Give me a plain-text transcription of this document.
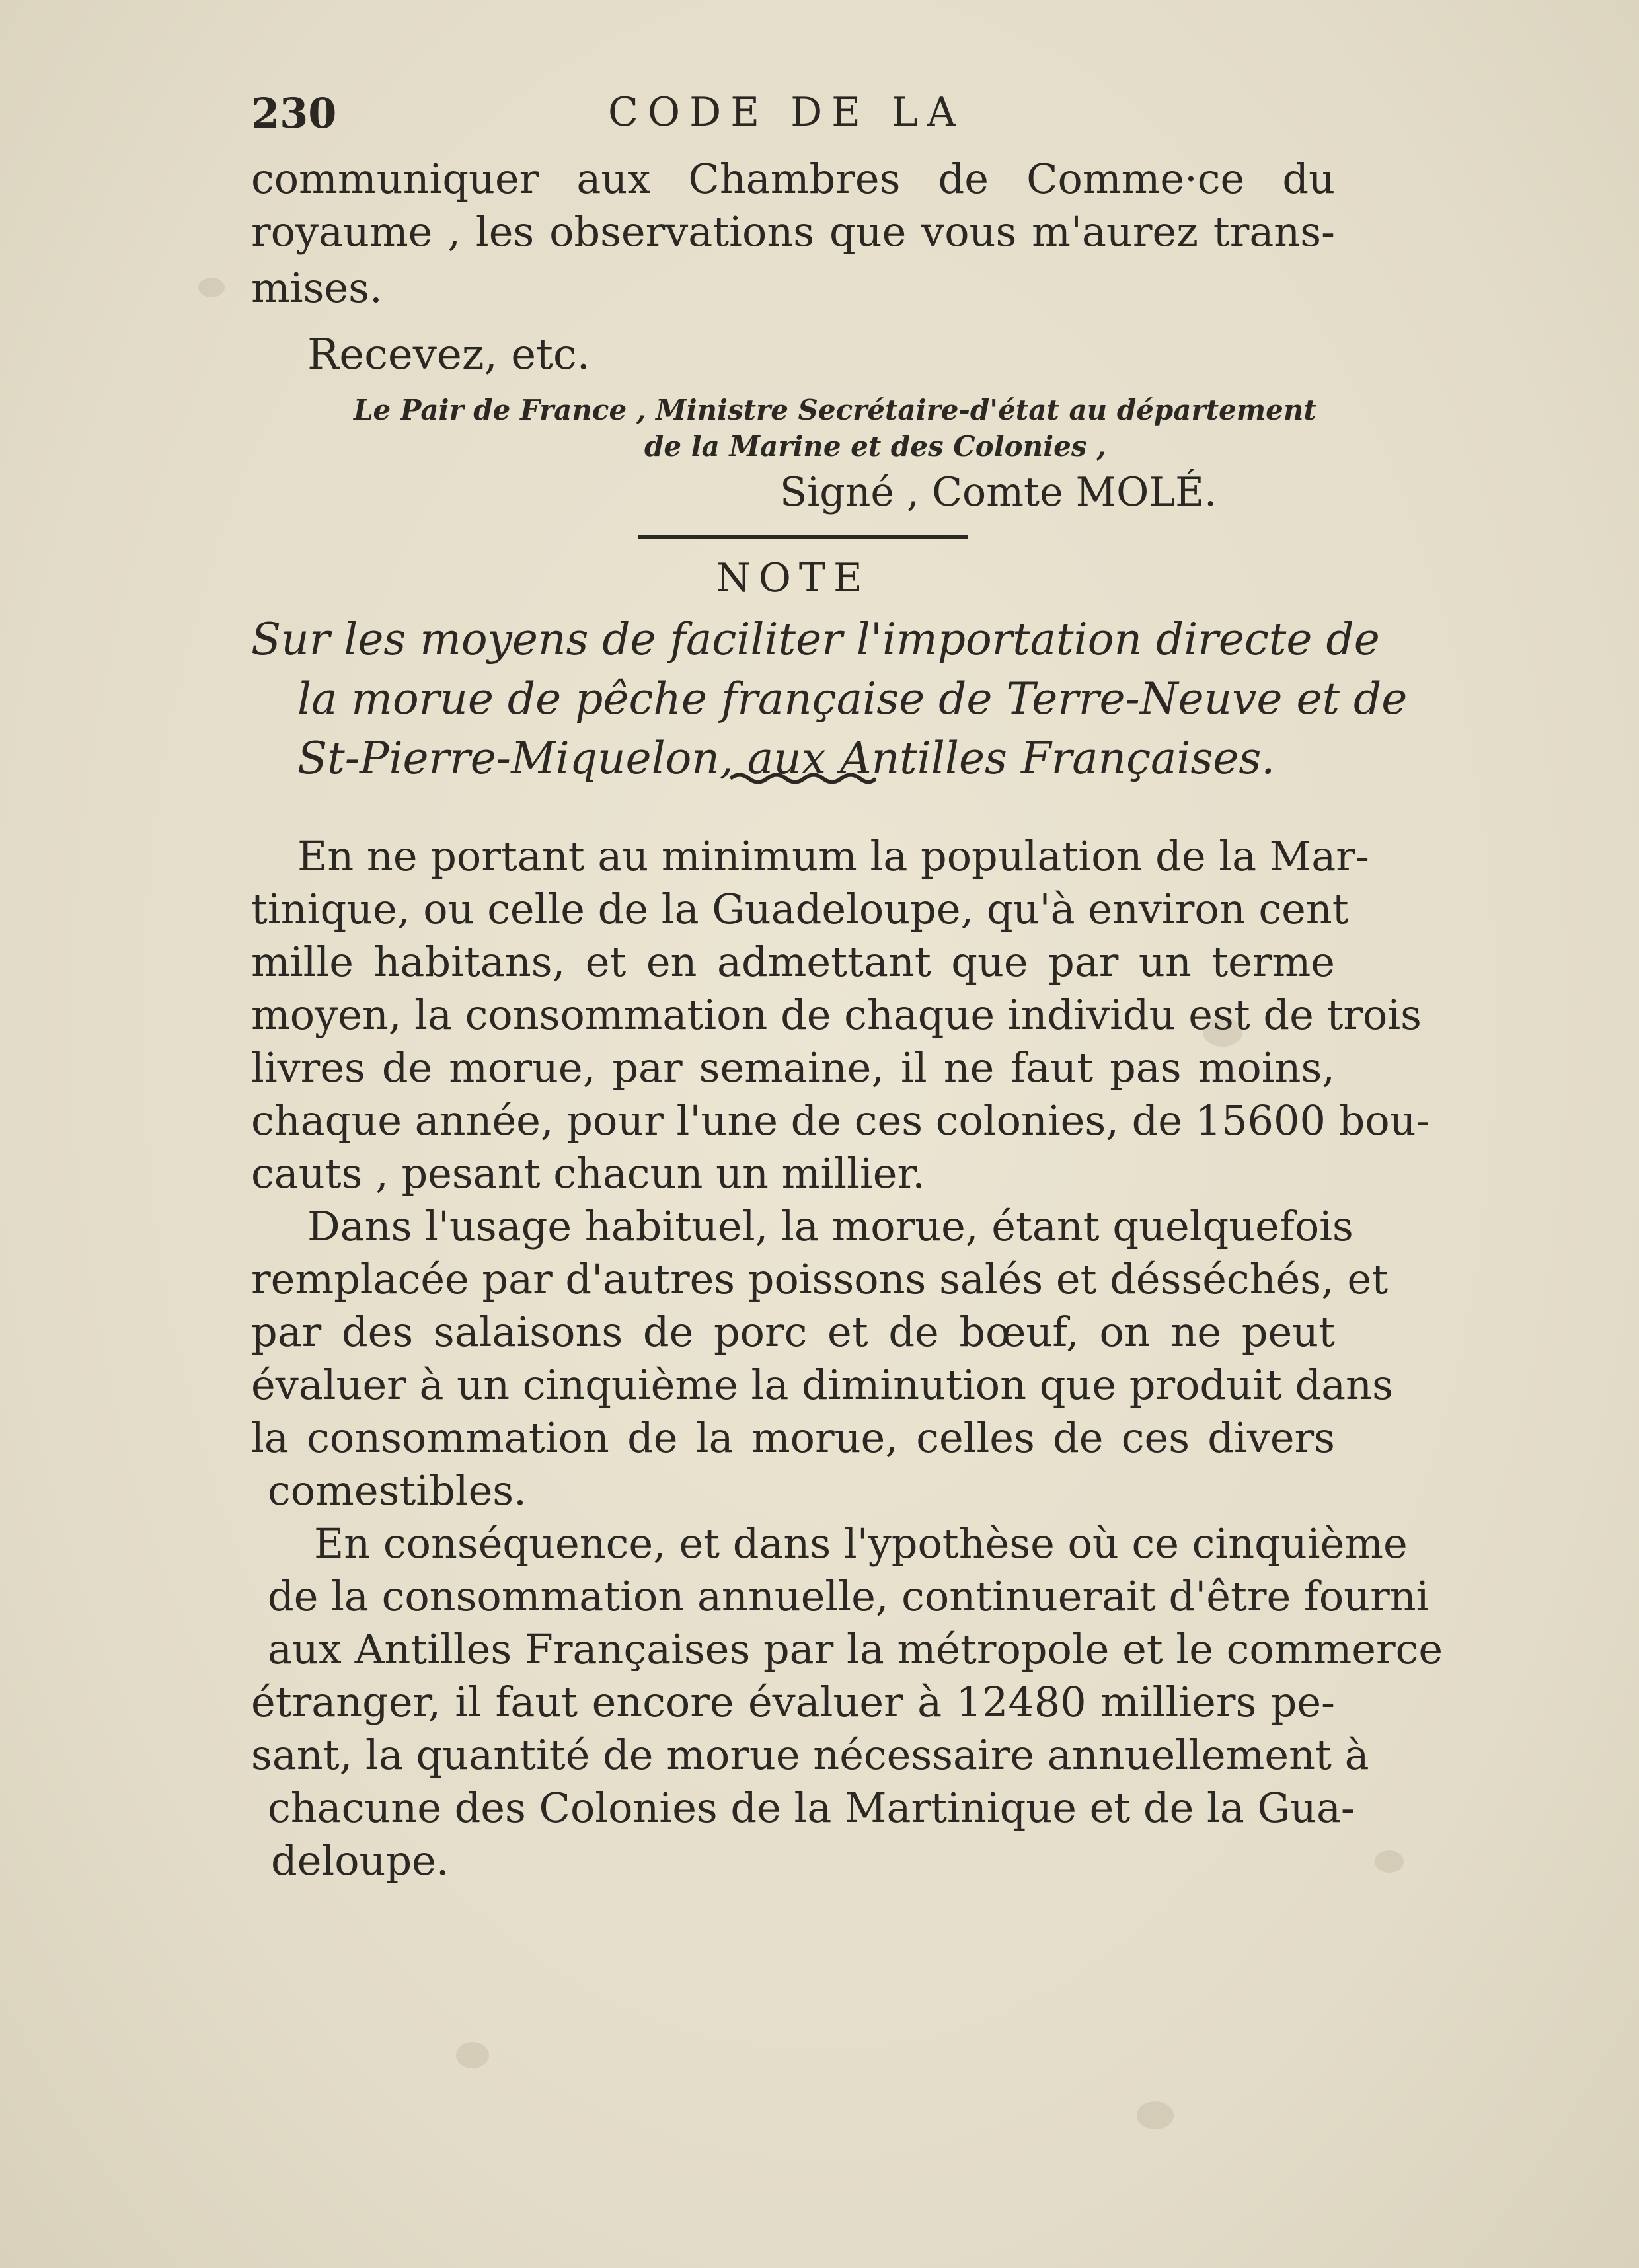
230	CODE DE LA
communiquer aux Chambres de Comme·ce du
royaume , les observations que vous m'aurez trans-
mises.
Recevez, etc.
Le Pair de France , Ministre Secrétaire-d'état au département
de la Marine et des Colonies ,
Signé , Comte MOLÉ.
NOTE
Sur les moyens de faciliter l'importation directe de
la morue de pêche française de Terre-Neuve et de
St-Pierre-Miquelon, aux Antilles Françaises.
En ne portant au minimum la population de la Mar-
tinique, ou celle de la Guadeloupe, qu'à environ cent
mille habitans, et en admettant que par un terme
moyen, la consommation de chaque individu est de trois
livres de morue, par semaine, il ne faut pas moins,
chaque année, pour l'une de ces colonies, de 15600 bou-
cauts , pesant chacun un millier.
Dans l'usage habituel, la morue, étant quelquefois
remplacée par d'autres poissons salés et désséchés, et
par des salaisons de porc et de bœuf, on ne peut
évaluer à un cinquième la diminution que produit dans
la consommation de la morue, celles de ces divers
comestibles.
En conséquence, et dans l'ypothèse où ce cinquième
de la consommation annuelle, continuerait d'être fourni
aux Antilles Françaises par la métropole et le commerce
étranger, il faut encore évaluer à 12480 milliers pe-
sant, la quantité de morue nécessaire annuellement à
chacune des Colonies de la Martinique et de la Gua-
deloupe.
